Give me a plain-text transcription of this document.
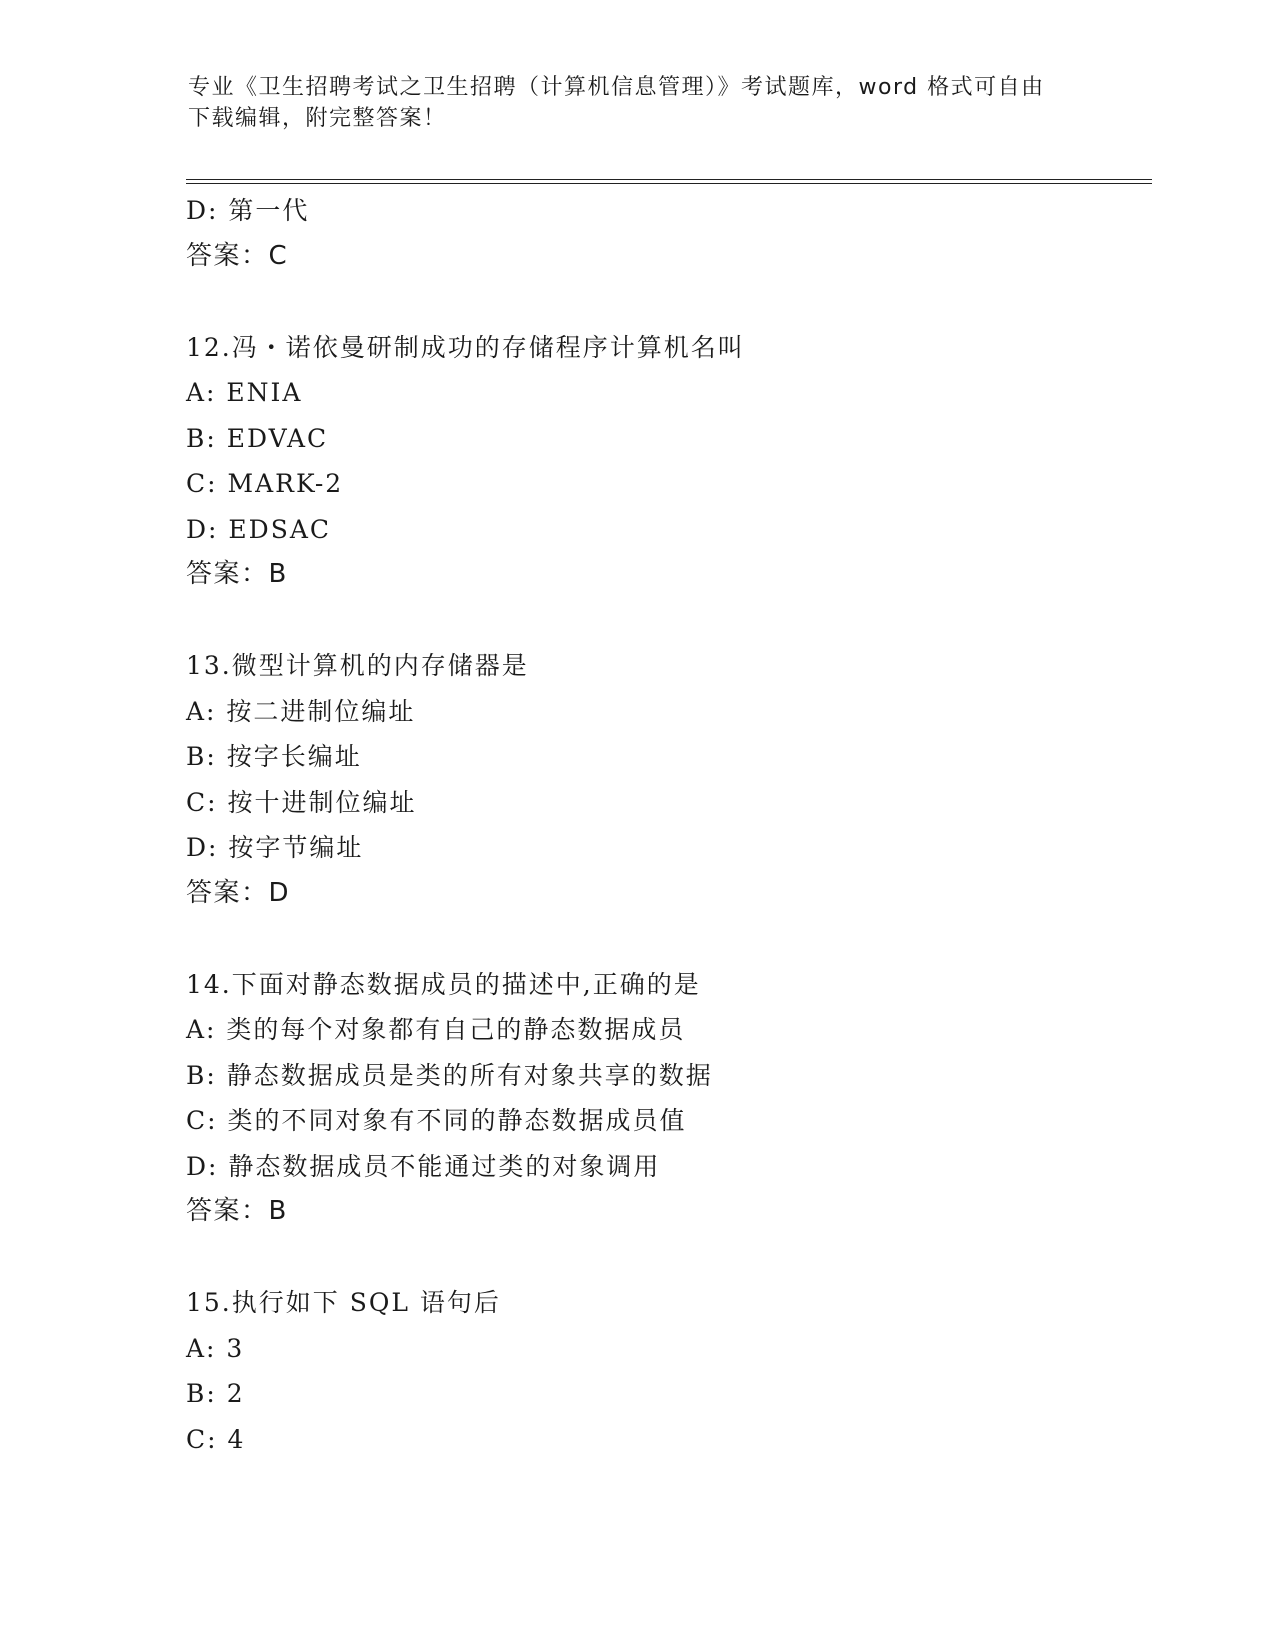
专业《卫生招聘考试之卫生招聘（计算机信息管理）》考试题库，word 格式可自由下载编辑，附完整答案！
D: 第一代
答案：C
12.冯・诺依曼研制成功的存储程序计算机名叫
A: ENIA
B: EDVAC
C: MARK-2
D: EDSAC
答案：B
13.微型计算机的内存储器是
A: 按二进制位编址
B: 按字长编址
C: 按十进制位编址
D: 按字节编址
答案：D
14.下面对静态数据成员的描述中,正确的是
A: 类的每个对象都有自己的静态数据成员
B: 静态数据成员是类的所有对象共享的数据
C: 类的不同对象有不同的静态数据成员值
D: 静态数据成员不能通过类的对象调用
答案：B
15.执行如下 SQL 语句后
A: 3
B: 2
C: 4
